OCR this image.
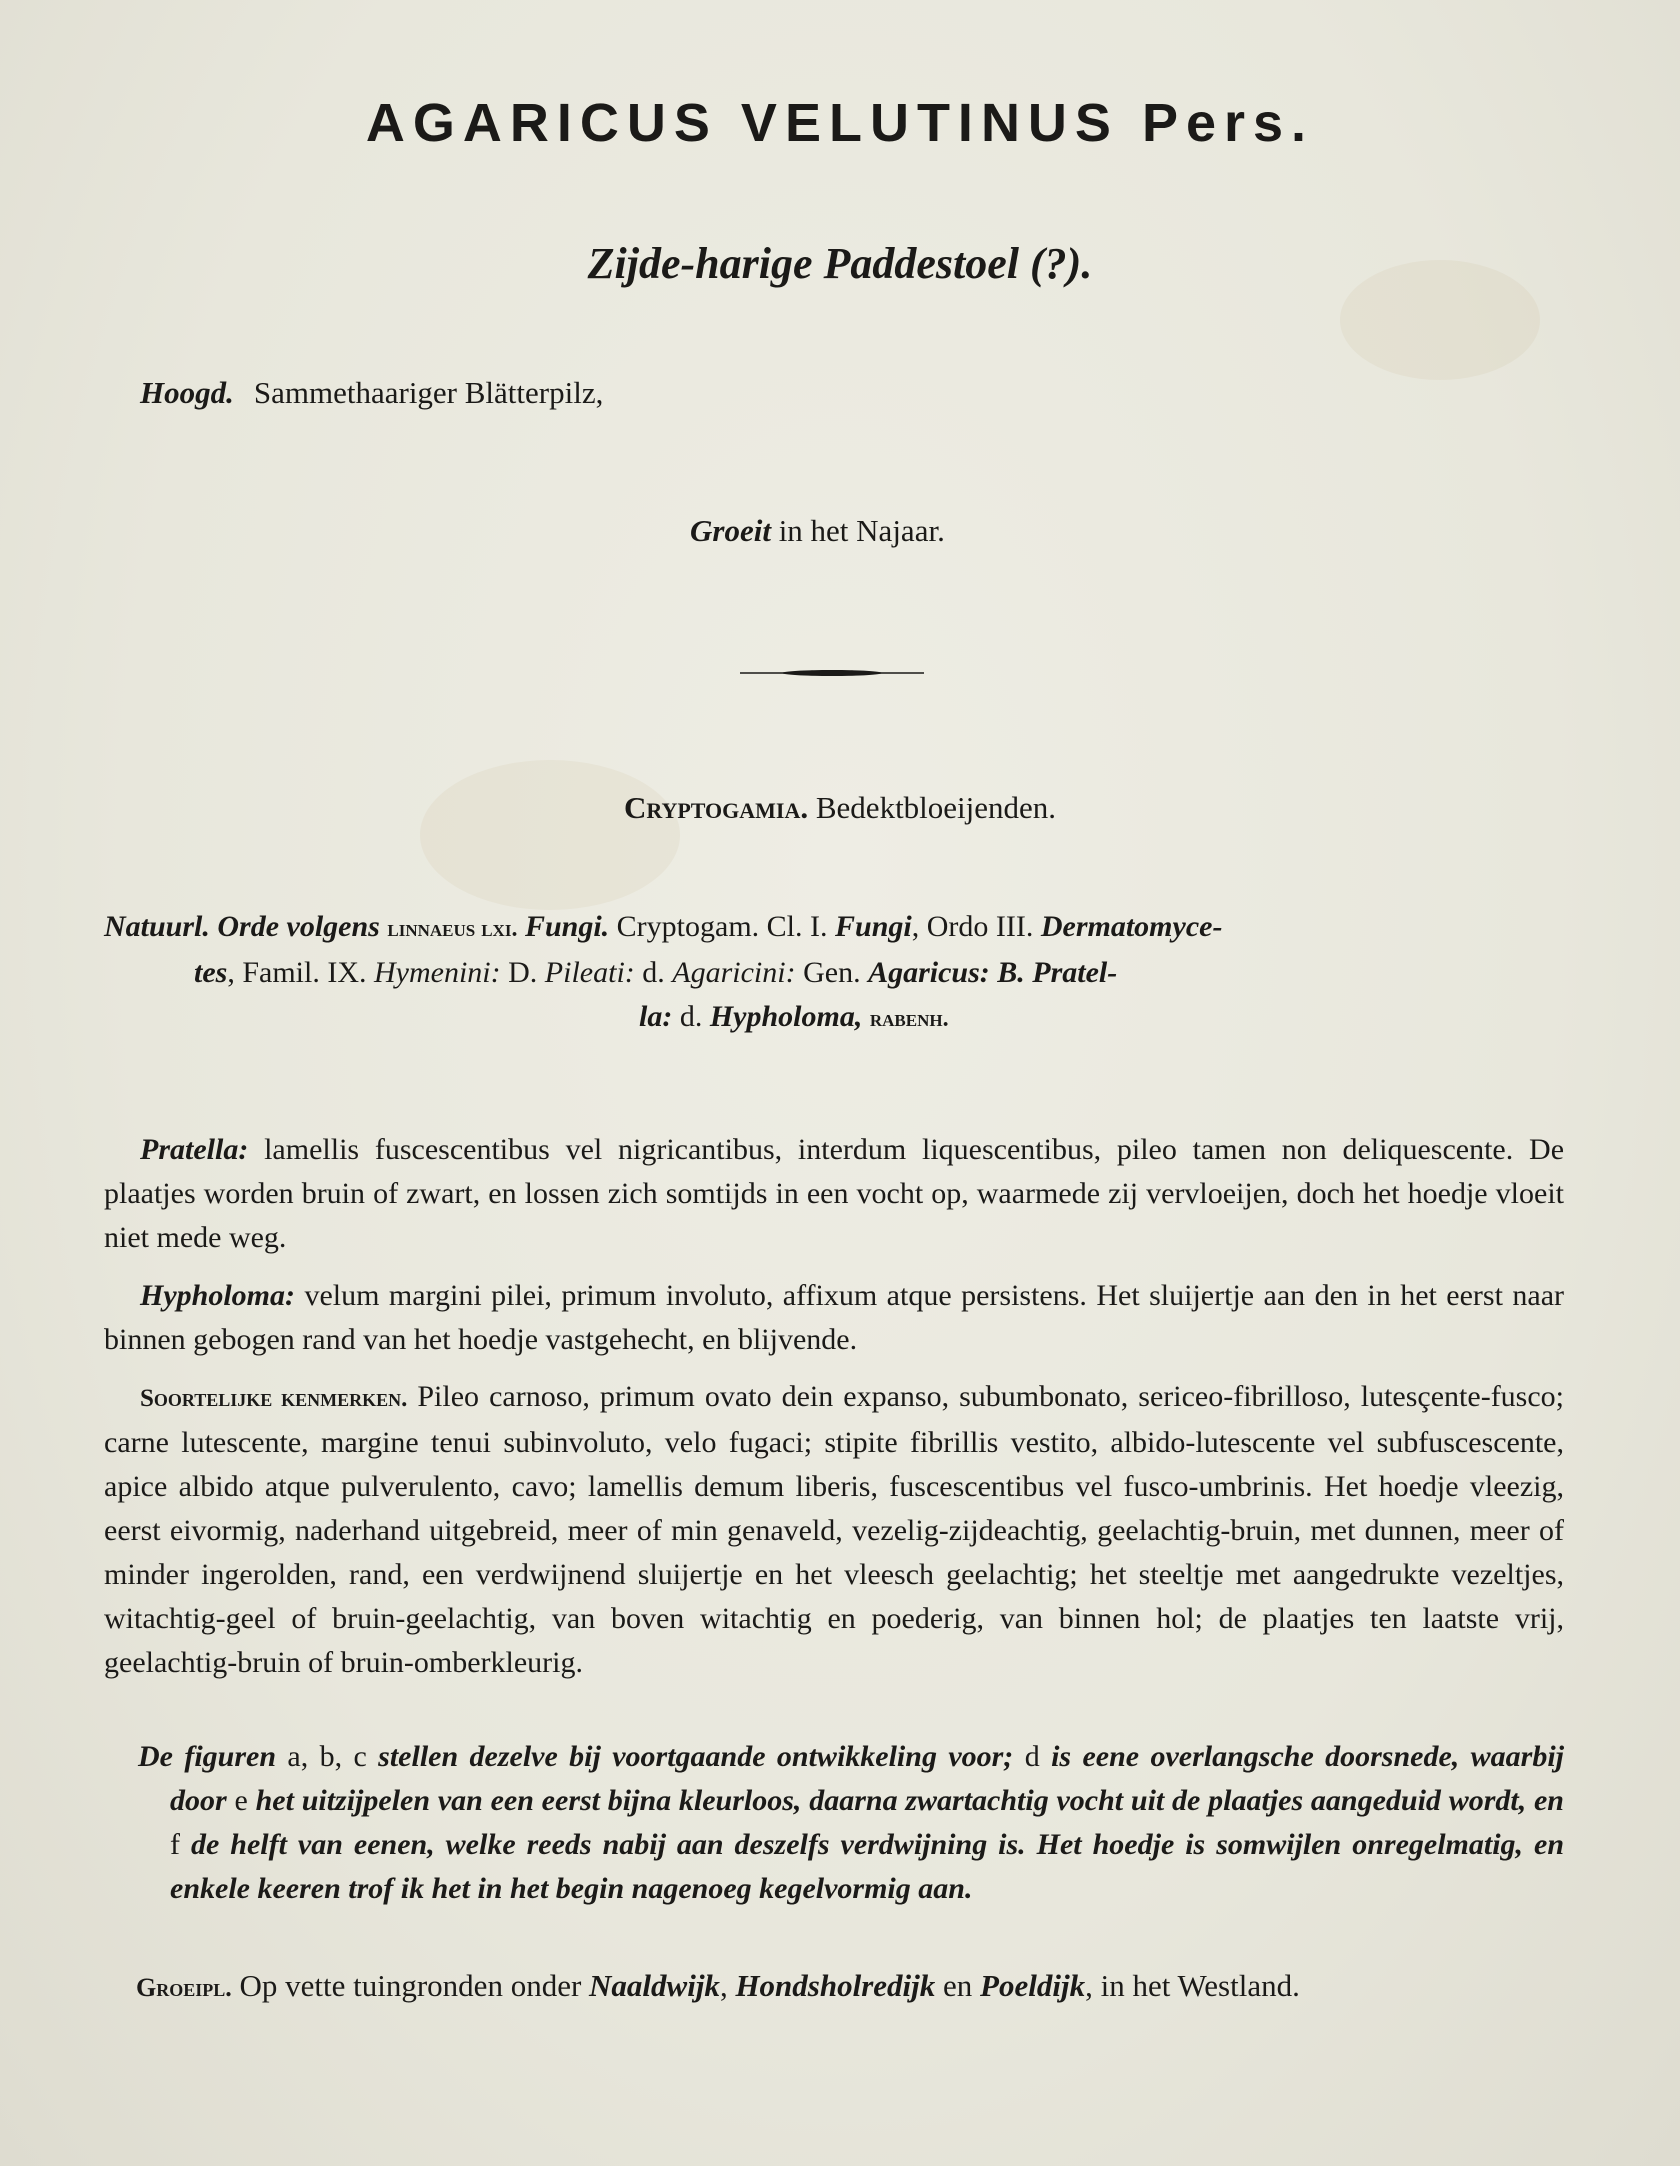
AGARICUS VELUTINUS Pers.
Zijde-harige Paddestoel (?).
Hoogd. Sammethaariger Blätterpilz,
Groeit in het Najaar.
Cryptogamia. Bedektbloeijenden.
Natuurl. Orde volgens linnaeus lxi. Fungi. Cryptogam. Cl. I. Fungi, Ordo III. Dermatomyce-
tes, Famil. IX. Hymenini: D. Pileati: d. Agaricini: Gen. Agaricus: B. Pratel-
la: d. Hypholoma, rabenh.
Pratella: lamellis fuscescentibus vel nigricantibus, interdum liquescentibus, pileo tamen non deliquescente. De plaatjes worden bruin of zwart, en lossen zich somtijds in een vocht op, waarmede zij vervloeijen, doch het hoedje vloeit niet mede weg.
Hypholoma: velum margini pilei, primum involuto, affixum atque persistens. Het sluijertje aan den in het eerst naar binnen gebogen rand van het hoedje vastgehecht, en blijvende.
Soortelijke kenmerken. Pileo carnoso, primum ovato dein expanso, subumbonato, sericeo-fibrilloso, lutesçente-fusco; carne lutescente, margine tenui subinvoluto, velo fugaci; stipite fibrillis vestito, albido-lutescente vel subfuscescente, apice albido atque pulverulento, cavo; lamellis demum liberis, fuscescentibus vel fusco-umbrinis. Het hoedje vleezig, eerst eivormig, naderhand uitgebreid, meer of min genaveld, vezelig-zijdeachtig, geelachtig-bruin, met dunnen, meer of minder ingerolden, rand, een verdwijnend sluijertje en het vleesch geelachtig; het steeltje met aangedrukte vezeltjes, witachtig-geel of bruin-geelachtig, van boven witachtig en poederig, van binnen hol; de plaatjes ten laatste vrij, geelachtig-bruin of bruin-omberkleurig.
De figuren a, b, c stellen dezelve bij voortgaande ontwikkeling voor; d is eene overlangsche doorsnede, waarbij door e het uitzijpelen van een eerst bijna kleurloos, daarna zwartachtig vocht uit de plaatjes aangeduid wordt, en f de helft van eenen, welke reeds nabij aan deszelfs verdwijning is. Het hoedje is somwijlen onregelmatig, en enkele keeren trof ik het in het begin nagenoeg kegelvormig aan.
Groeipl. Op vette tuingronden onder Naaldwijk, Hondsholredijk en Poeldijk, in het Westland.
